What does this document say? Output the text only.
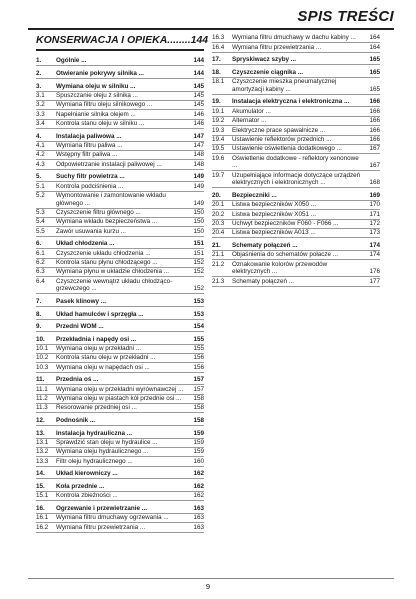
SPIS TREŚCI
KONSERWACJA I OPIEKA........144
1.	Ogólnie ...	144
2.	Otwieranie pokrywy silnika ...	144
3.	Wymiana oleju w silniku ...	145
3.1	Spuszczanie oleju z silnika ...	145
3.2	Wymiana filtru oleju silnikowego ...	145
3.3	Napełnianie silnika olejem ...	146
3.4	Kontrola stanu oleju w silniku ...	146
4.	Instalacja paliwowa ...	147
4.1	Wymiana filtru paliwa ...	147
4.2	Wstępny filtr paliwa ...	148
4.3	Odpowietrzanie instalacji paliwowej ...	148
5.	Suchy filtr powietrza ...	149
5.1	Kontrola podciśnienia ...	149
5.2	Wymontowanie i zamontowanie wkładu głównego ...	149
5.3	Czyszczenie filtru głównego ...	150
5.4	Wymiana wkładu bezpieczeństwa ...	150
5.5	Zawór usuwania kurzu ...	150
6.	Układ chłodzenia ...	151
6.1	Czyszczenie układu chłodzenia ...	151
6.2	Kontrola stanu płynu chłodzącego ...	152
6.3	Wymiana płynu w układzie chłodzenia ...	152
6.4	Czyszczenie wewnątrz układu chłodząco-grzewczego ...	152
7.	Pasek klinowy ...	153
8.	Układ hamulców i sprzęgła ...	153
9.	Przedni WOM ...	154
10.	Przekładnia i napędy osi ...	155
10.1	Wymiana oleju w przekładni ...	155
10.2	Kontrola stanu oleju w przekładni ...	156
10.3	Wymiana oleju w napędach osi ...	156
11.	Przednia oś ...	157
11.1	Wymiana oleju w przekładni wyrównawczej ...	157
11.2	Wymiana oleju w piastach kół przednie osi ...	158
11.3	Resorowanie przedniej osi ...	158
12.	Podnośnik ...	158
13.	Instalacja hydrauliczna ...	159
13.1	Sprawdzić stan oleju w hydraulice ...	159
13.2	Wymiana oleju hydraulicznego ...	159
13.3	Filtr oleju hydraulicznego ...	160
14.	Układ kierowniczy ...	162
15.	Koła przednie ...	162
15.1	Kontrola zbieżności ...	162
16.	Ogrzewanie i przewietrzanie ...	163
16.1	Wymiana filtru dmuchawy ogrzewania ...	163
16.2	Wymiana filtru przewietrzania ...	163
16.3	Wymiana filtru dmuchawy w dachu kabiny ...	164
16.4	Wymiana filtru przewietrzania ...	164
17.	Spryskiwacz szyby ...	165
18.	Czyszczenie ciągnika ...	165
18.1	Czyszczenie mieszka pneumatycznej amortyzacji kabiny ...	165
19.	Instalacja elektryczna i elektroniczna ...	166
19.1	Akumulator ...	166
19.2	Alternator ...	166
19.3	Elektryczne prace spawalnicze ...	166
19.4	Ustawienie reflektorów przednich ...	166
19.5	Ustawienie oświetlenia dodatkowego ...	167
19.6	Oświetlenie dodatkowe - reflektory xenonowe ...	167
19.7	Uzupełniające informacje dotyczące urządzeń elektrycznych i elektronicznych ...	168
20.	Bezpieczniki ...	169
20.1	Listwa bezpieczników X050 ...	170
20.2	Listwa bezpieczników X051 ...	171
20.3	Uchwyt bezpieczników F060 - F066 ...	172
20.4	Listwa bezpieczników A013 ...	173
21.	Schematy połączeń ...	174
21.1	Objaśnienia do schematów połacze ...	174
21.2	Oznakowanie kolorów przewodów elektrycznych ...	176
21.3	Schematy połączeń ...	177
9
